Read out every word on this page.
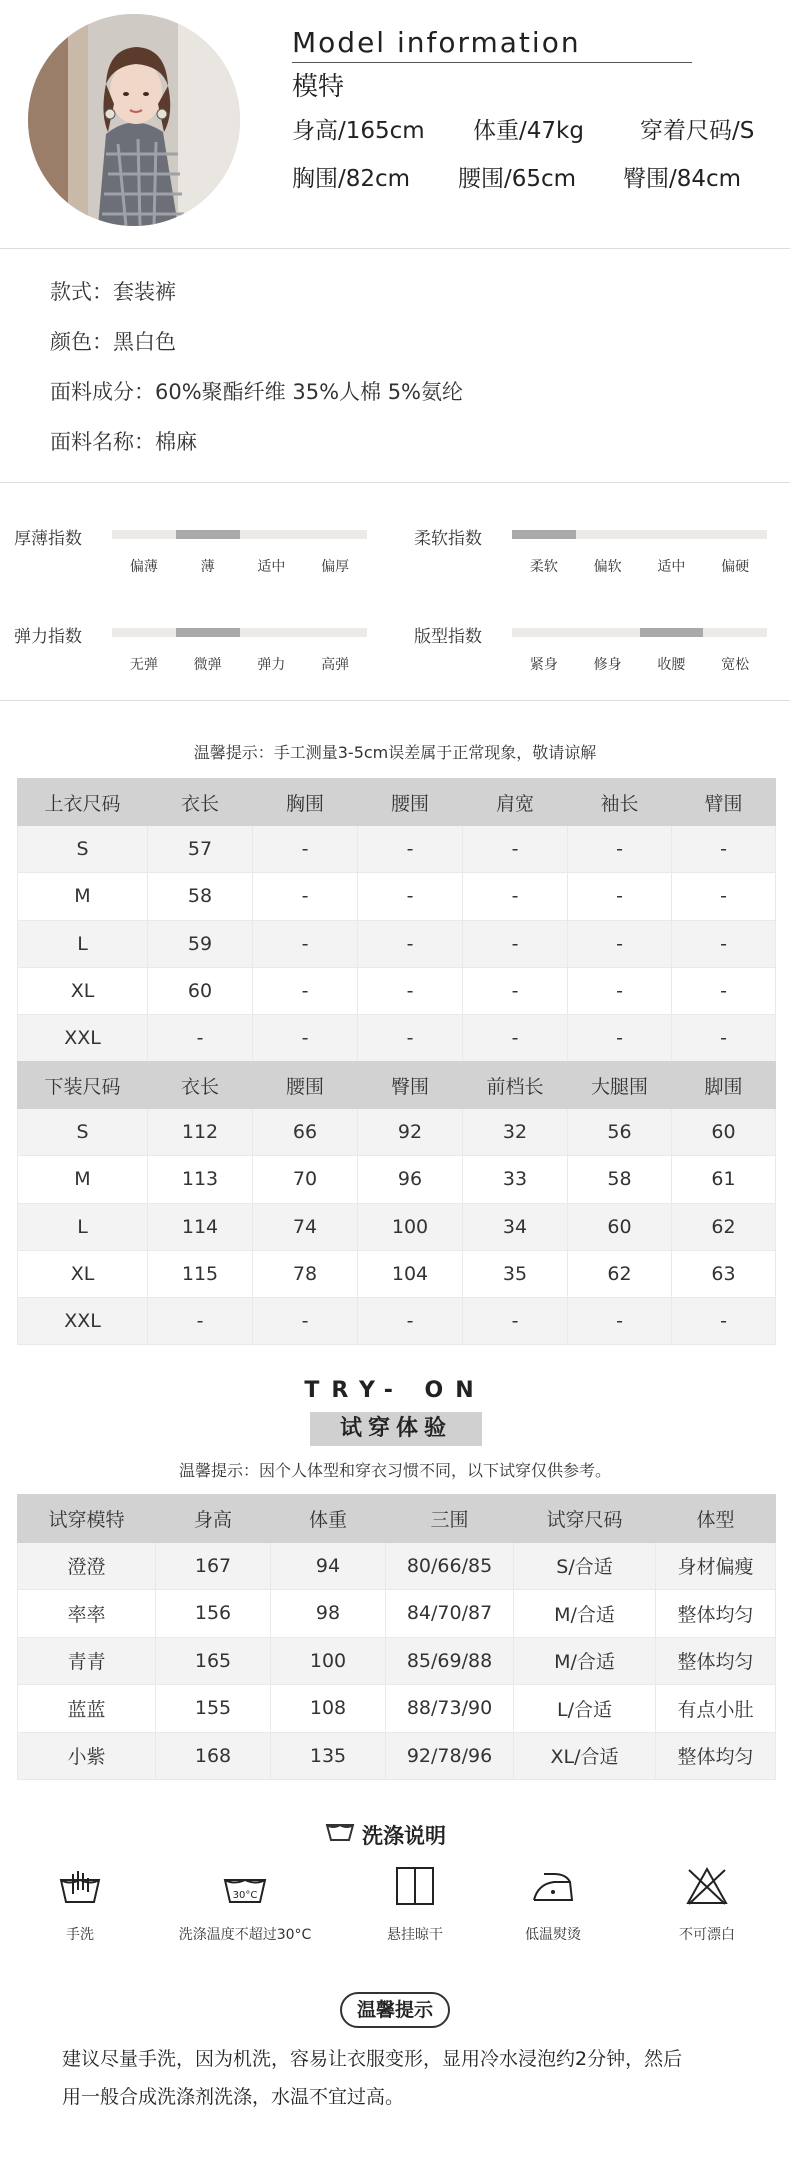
Model information
模特
身高/165cm 体重/47kg 穿着尺码/S
胸围/82cm 腰围/65cm 臀围/84cm
款式：套装裤
颜色：黑白色
面料成分：60%聚酯纤维 35%人棉 5%氨纶
面料名称：棉麻
厚薄指数
偏薄	薄	适中	偏厚
柔软指数
柔软	偏软	适中	偏硬
弹力指数
无弹	微弹	弹力	高弹
版型指数
紧身	修身	收腰	宽松
温馨提示：手工测量3-5cm误差属于正常现象，敬请谅解
上衣尺码	衣长	胸围	腰围	肩宽	袖长	臂围
S	57	-	-	-	-	-
M	58	-	-	-	-	-
L	59	-	-	-	-	-
XL	60	-	-	-	-	-
XXL	-	-	-	-	-	-
下装尺码	衣长	腰围	臀围	前档长	大腿围	脚围
S	112	66	92	32	56	60
M	113	70	96	33	58	61
L	114	74	100	34	60	62
XL	115	78	104	35	62	63
XXL	-	-	-	-	-	-
TRY- ON
试穿体验
温馨提示：因个人体型和穿衣习惯不同，以下试穿仅供参考。
试穿模特	身高	体重	三围	试穿尺码	体型
澄澄	167	94	80/66/85	S/合适	身材偏瘦
率率	156	98	84/70/87	M/合适	整体均匀
青青	165	100	85/69/88	M/合适	整体均匀
蓝蓝	155	108	88/73/90	L/合适	有点小肚
小紫	168	135	92/78/96	XL/合适	整体均匀
洗涤说明
30°C
手洗	洗涤温度不超过30°C	悬挂晾干	低温熨烫	不可漂白
温馨提示
建议尽量手洗，因为机洗，容易让衣服变形，显用冷水浸泡约2分钟，然后
用一般合成洗涤剂洗涤，水温不宜过高。
